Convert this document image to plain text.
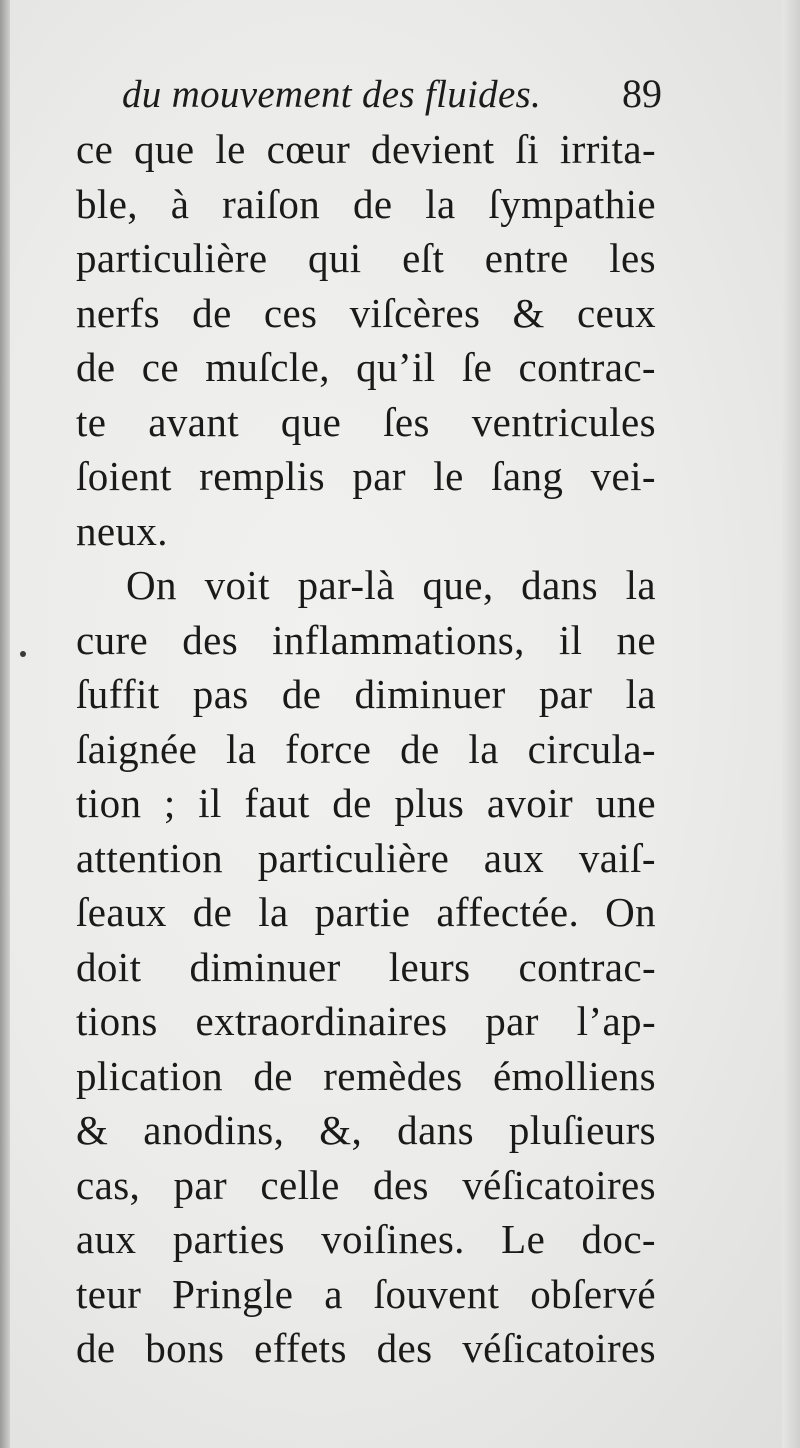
du mouvement des fluides. 89
ce que le cœur devient ſi irrita-
ble, à raiſon de la ſympathie
particulière qui eſt entre les
nerfs de ces viſcères & ceux
de ce muſcle, qu’il ſe contrac-
te avant que ſes ventricules
ſoient remplis par le ſang vei-
neux.
On voit par-là que, dans la
cure des inflammations, il ne
ſuffit pas de diminuer par la
ſaignée la force de la circula-
tion ; il faut de plus avoir une
attention particulière aux vaiſ-
ſeaux de la partie affectée. On
doit diminuer leurs contrac-
tions extraordinaires par l’ap-
plication de remèdes émolliens
& anodins, &, dans pluſieurs
cas, par celle des véſicatoires
aux parties voiſines. Le doc-
teur Pringle a ſouvent obſervé
de bons effets des véſicatoires
